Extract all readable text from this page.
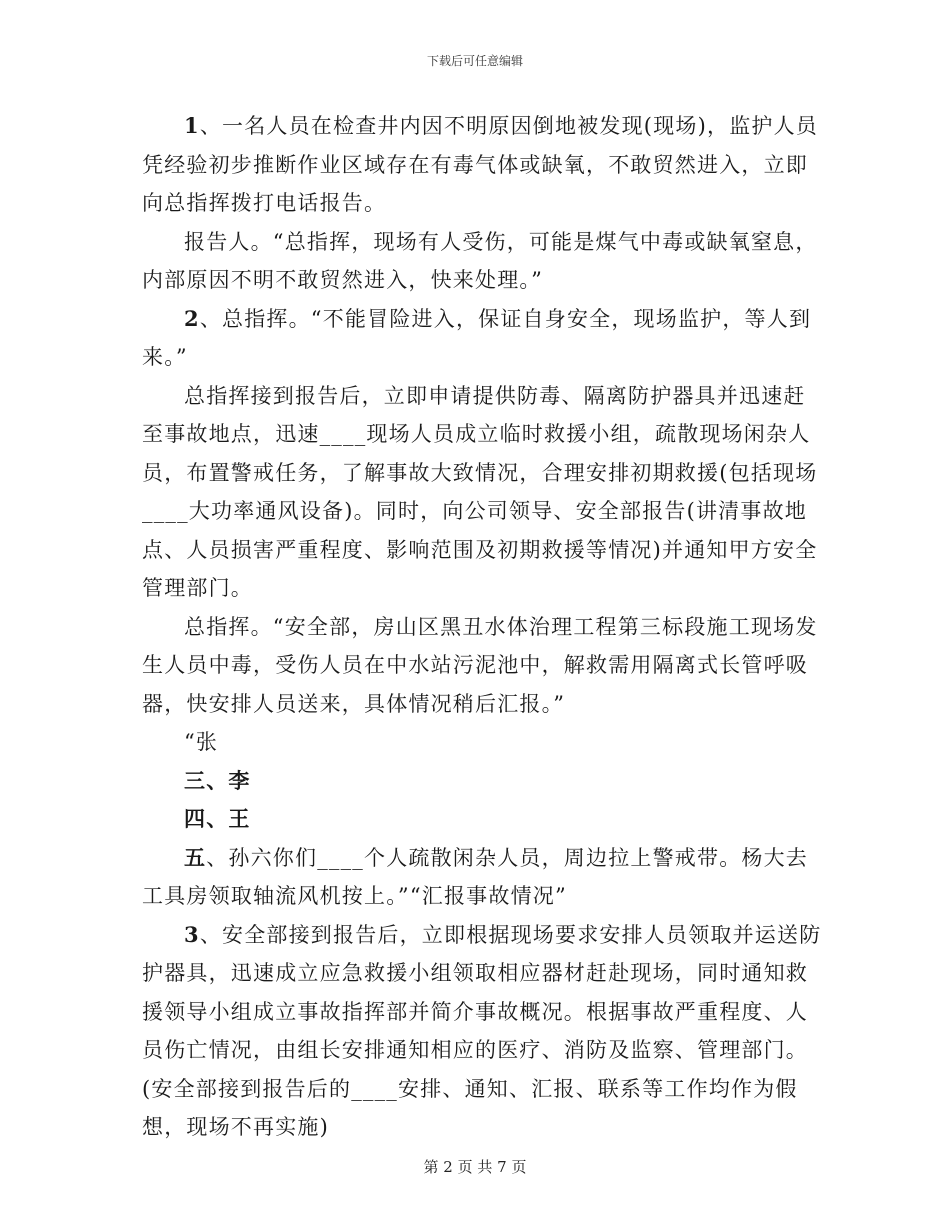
下载后可任意编辑

1、一名人员在检查井内因不明原因倒地被发现(现场)，监护人员凭经验初步推断作业区域存在有毒气体或缺氧，不敢贸然进入，立即向总指挥拨打电话报告。

报告人。“总指挥，现场有人受伤，可能是煤气中毒或缺氧窒息，内部原因不明不敢贸然进入，快来处理。”

2、总指挥。“不能冒险进入，保证自身安全，现场监护，等人到来。”

总指挥接到报告后，立即申请提供防毒、隔离防护器具并迅速赶至事故地点，迅速____现场人员成立临时救援小组，疏散现场闲杂人员，布置警戒任务，了解事故大致情况，合理安排初期救援(包括现场____大功率通风设备)。同时，向公司领导、安全部报告(讲清事故地点、人员损害严重程度、影响范围及初期救援等情况)并通知甲方安全管理部门。

总指挥。“安全部，房山区黑丑水体治理工程第三标段施工现场发生人员中毒，受伤人员在中水站污泥池中，解救需用隔离式长管呼吸器，快安排人员送来，具体情况稍后汇报。”

“张

三、李

四、王

五、孙六你们____个人疏散闲杂人员，周边拉上警戒带。杨大去工具房领取轴流风机按上。”“汇报事故情况”

3、安全部接到报告后，立即根据现场要求安排人员领取并运送防护器具，迅速成立应急救援小组领取相应器材赶赴现场，同时通知救援领导小组成立事故指挥部并简介事故概况。根据事故严重程度、人员伤亡情况，由组长安排通知相应的医疗、消防及监察、管理部门。(安全部接到报告后的____安排、通知、汇报、联系等工作均作为假想，现场不再实施)

第 2 页 共 7 页
